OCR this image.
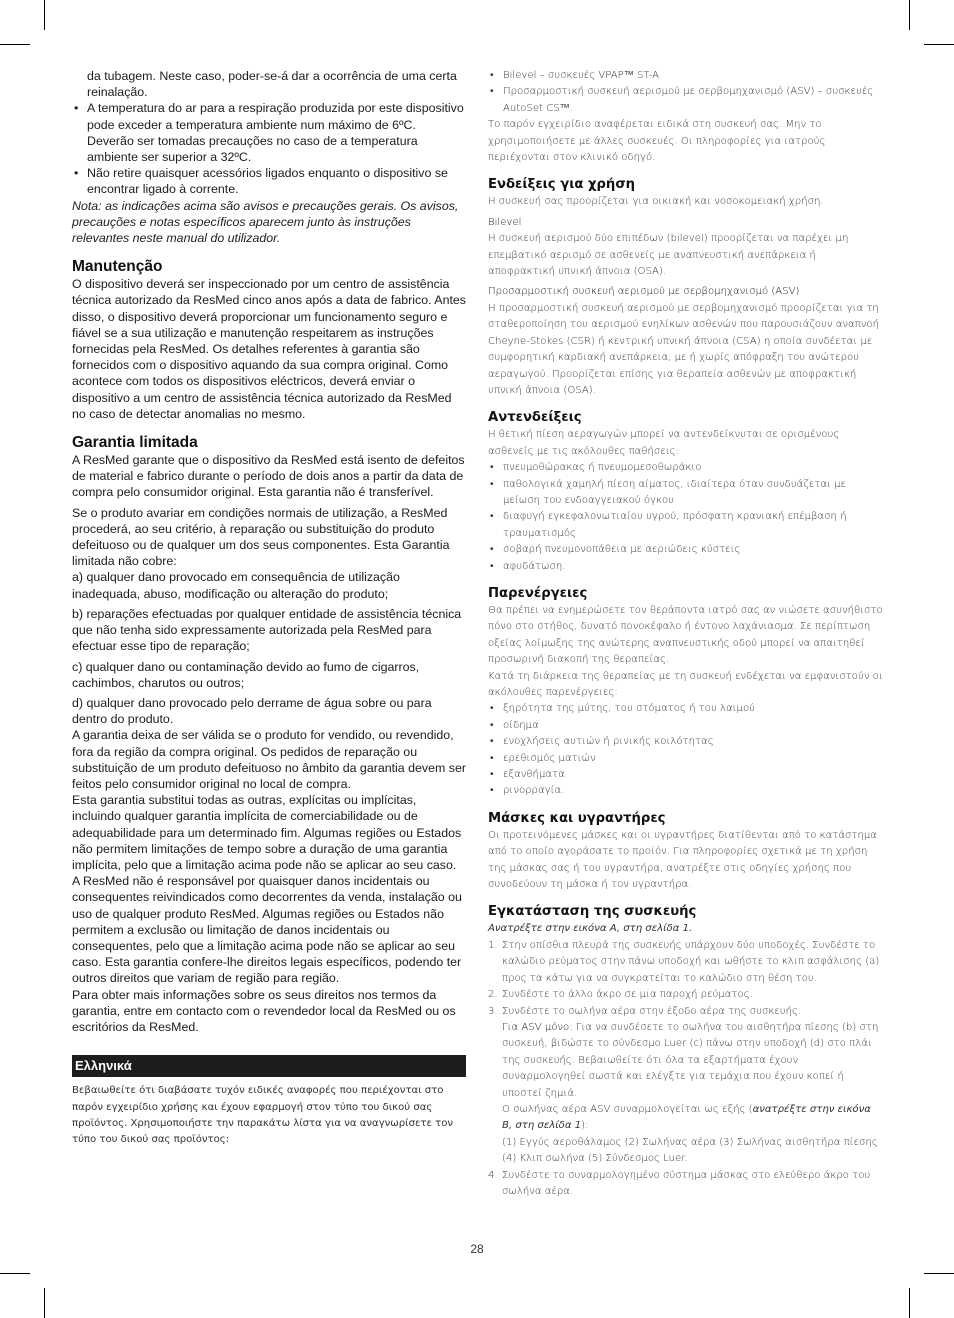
da tubagem. Neste caso, poder-se-á dar a ocorrência de uma certa reinalação.

• A temperatura do ar para a respiração produzida por este dispositivo pode exceder a temperatura ambiente num máximo de 6ºC. Deverão ser tomadas precauções no caso de a temperatura ambiente ser superior a 32ºC.
• Não retire quaisquer acessórios ligados enquanto o dispositivo se encontrar ligado à corrente.

Nota: as indicações acima são avisos e precauções gerais. Os avisos, precauções e notas específicos aparecem junto às instruções relevantes neste manual do utilizador.

Manutenção

O dispositivo deverá ser inspeccionado por um centro de assistência técnica autorizado da ResMed cinco anos após a data de fabrico. Antes disso, o dispositivo deverá proporcionar um funcionamento seguro e fiável se a sua utilização e manutenção respeitarem as instruções fornecidas pela ResMed. Os detalhes referentes à garantia são fornecidos com o dispositivo aquando da sua compra original. Como acontece com todos os dispositivos eléctricos, deverá enviar o dispositivo a um centro de assistência técnica autorizado da ResMed no caso de detectar anomalias no mesmo.

Garantia limitada

A ResMed garante que o dispositivo da ResMed está isento de defeitos de material e fabrico durante o período de dois anos a partir da data de compra pelo consumidor original. Esta garantia não é transferível.

Se o produto avariar em condições normais de utilização, a ResMed procederá, ao seu critério, à reparação ou substituição do produto defeituoso ou de qualquer um dos seus componentes. Esta Garantia limitada não cobre:

a) qualquer dano provocado em consequência de utilização inadequada, abuso, modificação ou alteração do produto;

b) reparações efectuadas por qualquer entidade de assistência técnica que não tenha sido expressamente autorizada pela ResMed para efectuar esse tipo de reparação;

c) qualquer dano ou contaminação devido ao fumo de cigarros, cachimbos, charutos ou outros;

d) qualquer dano provocado pelo derrame de água sobre ou para dentro do produto.

A garantia deixa de ser válida se o produto for vendido, ou revendido, fora da região da compra original. Os pedidos de reparação ou substituição de um produto defeituoso no âmbito da garantia devem ser feitos pelo consumidor original no local de compra.

Esta garantia substitui todas as outras, explícitas ou implícitas, incluindo qualquer garantia implícita de comerciabilidade ou de adequabilidade para um determinado fim. Algumas regiões ou Estados não permitem limitações de tempo sobre a duração de uma garantia implícita, pelo que a limitação acima pode não se aplicar ao seu caso.

A ResMed não é responsável por quaisquer danos incidentais ou consequentes reivindicados como decorrentes da venda, instalação ou uso de qualquer produto ResMed. Algumas regiões ou Estados não permitem a exclusão ou limitação de danos incidentais ou consequentes, pelo que a limitação acima pode não se aplicar ao seu caso. Esta garantia confere-lhe direitos legais específicos, podendo ter outros direitos que variam de região para região.

Para obter mais informações sobre os seus direitos nos termos da garantia, entre em contacto com o revendedor local da ResMed ou os escritórios da ResMed.

Ελληνικά

Βεβαιωθείτε ότι διαβάσατε τυχόν ειδικές αναφορές που περιέχονται στο παρόν εγχειρίδιο χρήσης και έχουν εφαρμογή στον τύπο του δικού σας προϊόντος. Χρησιμοποιήστε την παρακάτω λίστα για να αναγνωρίσετε τον τύπο του δικού σας προϊόντος:

• Bilevel – συσκευές VPAP™ ST-A
• Προσαρμοστική συσκευή αερισμού με σερβομηχανισμό (ASV) – συσκευές AutoSet CS™.

Το παρόν εγχειρίδιο αναφέρεται ειδικά στη συσκευή σας. Μην το χρησιμοποιήσετε με άλλες συσκευές. Οι πληροφορίες για ιατρούς περιέχονται στον κλινικό οδηγό.

Ενδείξεις για χρήση

Η συσκευή σας προορίζεται για οικιακή και νοσοκομειακή χρήση.

Bilevel

Η συσκευή αερισμού δύο επιπέδων (bilevel) προορίζεται να παρέχει μη επεμβατικό αερισμό σε ασθενείς με αναπνευστική ανεπάρκεια ή αποφρακτική υπνική άπνοια (OSA).

Προσαρμοστική συσκευή αερισμού με σερβομηχανισμό (ASV)

Η προσαρμοστική συσκευή αερισμού με σερβομηχανισμό προορίζεται για τη σταθεροποίηση του αερισμού ενηλίκων ασθενών που παρουσιάζουν αναπνοή Cheyne-Stokes (CSR) ή κεντρική υπνική άπνοια (CSA) η οποία συνδέεται με συμφορητική καρδιακή ανεπάρκεια, με ή χωρίς απόφραξη του ανώτερου αεραγωγού. Προορίζεται επίσης για θεραπεία ασθενών με αποφρακτική υπνική άπνοια (OSA).

Αντενδείξεις

Η θετική πίεση αεραγωγών μπορεί να αντενδείκνυται σε ορισμένους ασθενείς με τις ακόλουθες παθήσεις:

• πνευμοθώρακας ή πνευμομεσοθωράκιο
• παθολογικά χαμηλή πίεση αίματος, ιδιαίτερα όταν συνδυάζεται με μείωση του ενδοαγγειακού όγκου
• διαφυγή εγκεφαλονωτιαίου υγρού, πρόσφατη κρανιακή επέμβαση ή τραυματισμός
• σοβαρή πνευμονοπάθεια με αεριώδεις κύστεις
• αφυδάτωση.
Παρενέργειες

Θα πρέπει να ενημερώσετε τον θεράποντα ιατρό σας αν νιώσετε ασυνήθιστο πόνο στο στήθος, δυνατό πονοκέφαλο ή έντονο λαχάνιασμα. Σε περίπτωση οξείας λοίμωξης της ανώτερης αναπνευστικής οδού μπορεί να απαιτηθεί προσωρινή διακοπή της θεραπείας.

Κατά τη διάρκεια της θεραπείας με τη συσκευή ενδέχεται να εμφανιστούν οι ακόλουθες παρενέργειες:

• ξηρότητα της μύτης, του στόματος ή του λαιμού
• οίδημα
• ενοχλήσεις αυτιών ή ρινικής κοιλότητας
• ερεθισμός ματιών
• εξανθήματα
• ρινορραγία.
Μάσκες και υγραντήρες

Οι προτεινόμενες μάσκες και οι υγραντήρες διατίθενται από το κατάστημα από το οποίο αγοράσατε το προϊόν. Για πληροφορίες σχετικά με τη χρήση της μάσκας σας ή του υγραντήρα, ανατρέξτε στις οδηγίες χρήσης που συνοδεύουν τη μάσκα ή τον υγραντήρα.

Εγκατάσταση της συσκευής

Ανατρέξτε στην εικόνα A, στη σελίδα 1.

1. Στην οπίσθια πλευρά της συσκευής υπάρχουν δύο υποδοχές. Συνδέστε το καλώδιο ρεύματος στην πάνω υποδοχή και ωθήστε το κλιπ ασφάλισης (a) προς τα κάτω για να συγκρατείται το καλώδιο στη θέση του.
2. Συνδέστε το άλλο άκρο σε μια παροχή ρεύματος.
3. Συνδέστε το σωλήνα αέρα στην έξοδο αέρα της συσκευής.
Για ASV μόνο: Για να συνδέσετε το σωλήνα του αισθητήρα πίεσης (b) στη συσκευή, βιδώστε το σύνδεσμο Luer (c) πάνω στην υποδοχή (d) στο πλάι της συσκευής. Βεβαιωθείτε ότι όλα τα εξαρτήματα έχουν συναρμολογηθεί σωστά και ελέγξτε για τεμάχια που έχουν κοπεί ή υποστεί ζημιά.
Ο σωλήνας αέρα ASV συναρμολογείται ως εξής (ανατρέξτε στην εικόνα B, στη σελίδα 1):
(1) Εγγύς αεροθάλαμος (2) Σωλήνας αέρα (3) Σωλήνας αισθητήρα πίεσης (4) Κλιπ σωλήνα (5) Σύνδεσμος Luer.
4. Συνδέστε το συναρμολογημένο σύστημα μάσκας στο ελεύθερο άκρο του σωλήνα αέρα.
28
